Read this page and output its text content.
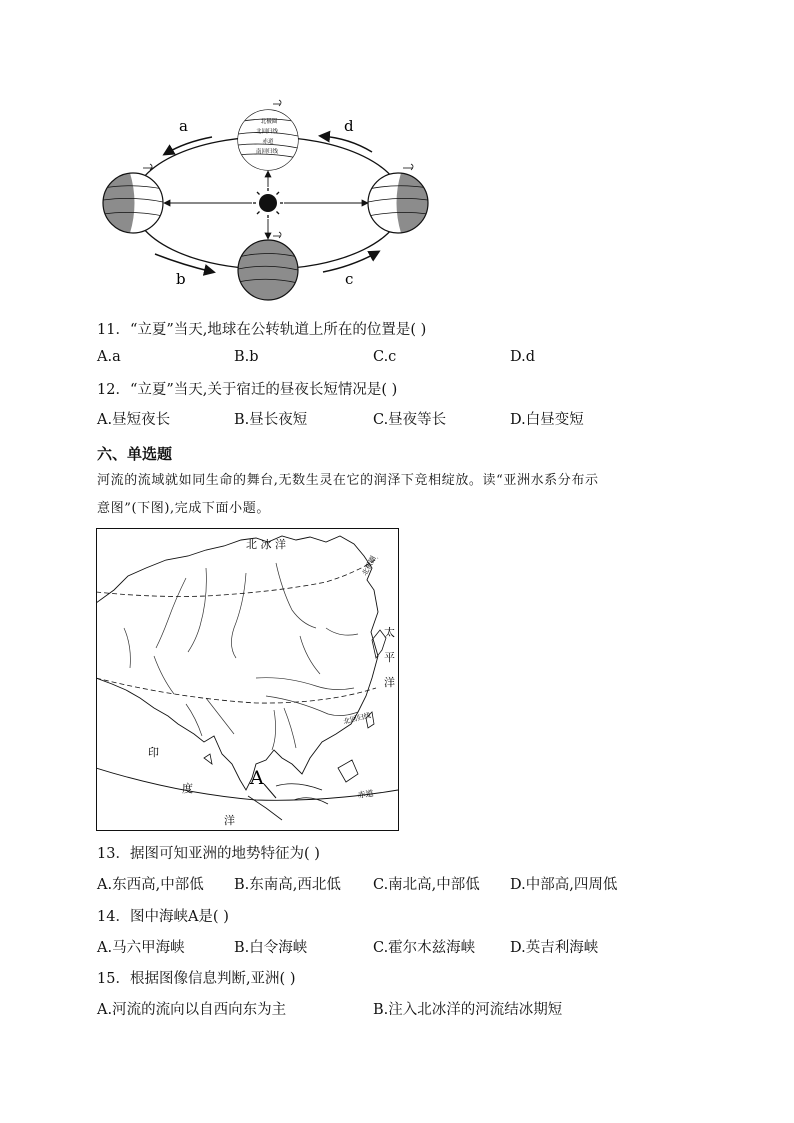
北极圈
北回归线
赤道
南回归线
a
b	c
d
11．“立夏”当天,地球在公转轨道上所在的位置是( )
A.a	B.b	C.c	D.d
12．“立夏”当天,关于宿迁的昼夜长短情况是( )
A.昼短夜长	B.昼长夜短	C.昼夜等长	D.白昼变短
六、单选题
河流的流域就如同生命的舞台,无数生灵在它的润泽下竞相绽放。读“亚洲水系分布示
意图”(下图),完成下面小题。
北 冰 洋
北极圈
太
平
洋
北回归线
印
度
洋
赤道
A
13．据图可知亚洲的地势特征为( )
A.东西高,中部低 B.东南高,西北低 C.南北高,中部低 D.中部高,四周低
14．图中海峡A是( )
A.马六甲海峡	B.白令海峡	C.霍尔木兹海峡 D.英吉利海峡
15．根据图像信息判断,亚洲( )
A.河流的流向以自西向东为主	B.注入北冰洋的河流结冰期短
